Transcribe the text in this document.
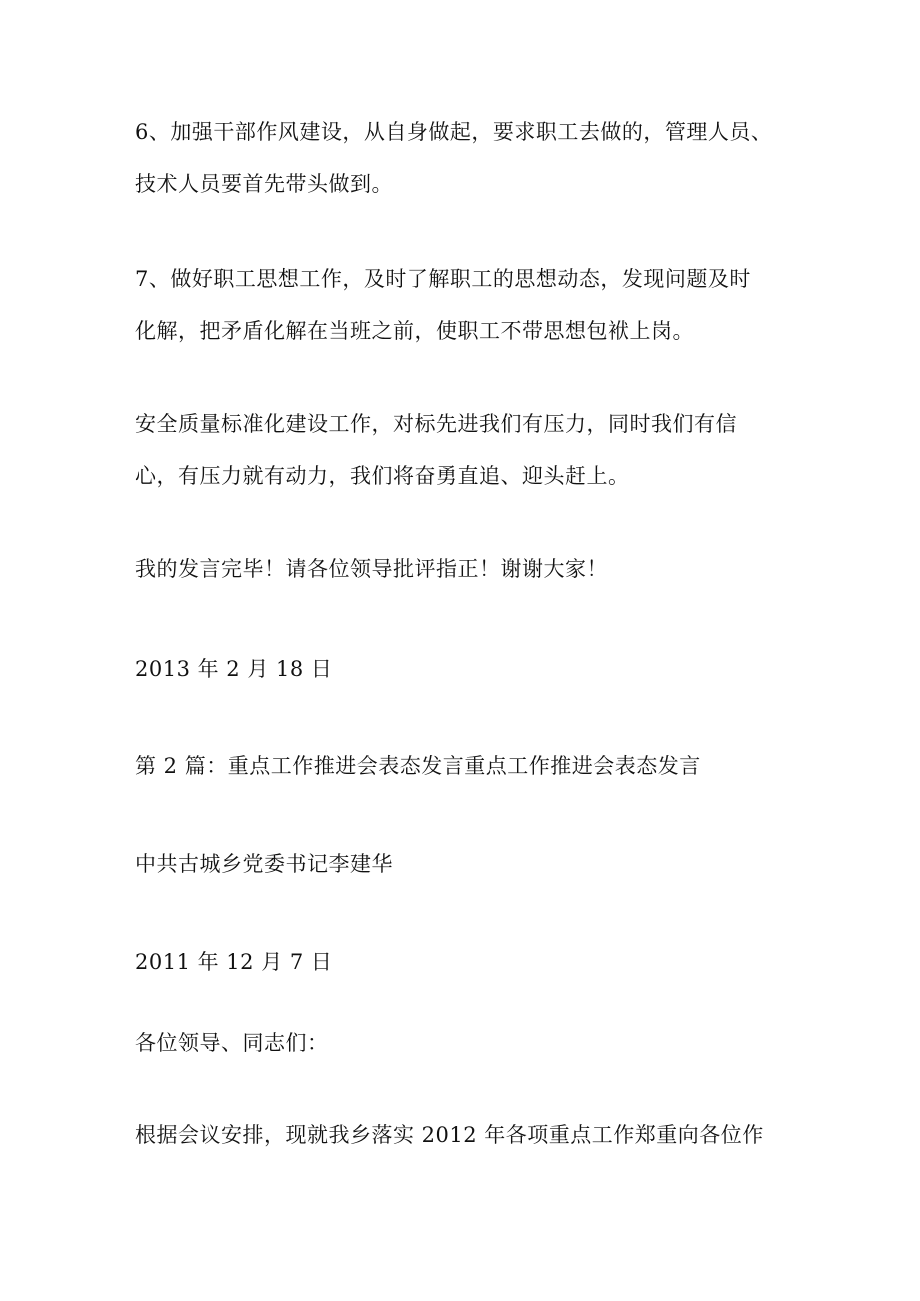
6、加强干部作风建设，从自身做起，要求职工去做的，管理人员、
技术人员要首先带头做到。
7、做好职工思想工作，及时了解职工的思想动态，发现问题及时
化解，把矛盾化解在当班之前，使职工不带思想包袱上岗。
安全质量标准化建设工作，对标先进我们有压力，同时我们有信
心，有压力就有动力，我们将奋勇直追、迎头赶上。
我的发言完毕！请各位领导批评指正！谢谢大家！
2013 年 2 月 18 日
第 2 篇：重点工作推进会表态发言重点工作推进会表态发言
中共古城乡党委书记李建华
2011 年 12 月 7 日
各位领导、同志们：
根据会议安排，现就我乡落实 2012 年各项重点工作郑重向各位作
